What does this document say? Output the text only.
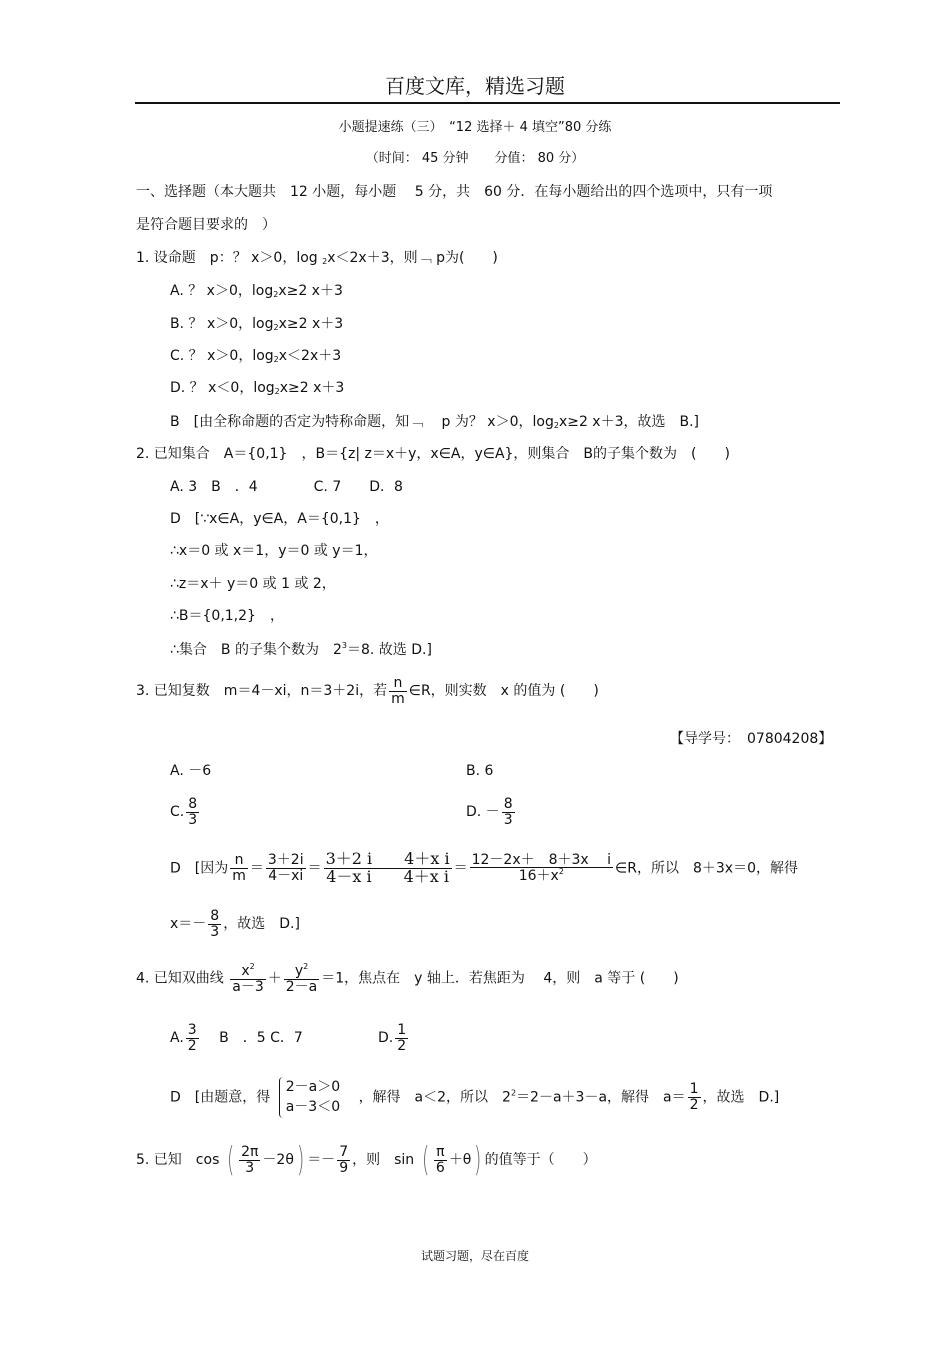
百度文库，精选习题
小题提速练（三）　“12 选择＋ 4 填空”80 分练
（时间： 45 分钟　　分值： 80 分）
一、选择题（本大题共　12 小题，每小题　 5 分，共　60 分．在每小题给出的四个选项中，只有一项
是符合题目要求的　）
1. 设命题　p：？ x＞0，log $_2$x＜2x＋3，则﹁ p为(　　)
A. ？ x＞0，$\log_2x\ge 2$ x＋3
B. ？ x＞0，$\log_2x\ge 2$ x＋3
C. ？ x＞0，$\log_2x<2x+3$
D. ？ x＜0，$\log_2x\ge 2$ x＋3
B　[由全称命题的否定为特称命题，知﹁　 p 为？ x＞0，$\log_2x\ge 2$ x＋3，故选　B.]
2. 已知集合　A＝{0,1}　，B＝{z| z＝x＋y，x∈A，y∈A}，则集合　B的子集个数为　(　　)
A. 3　B　．4　　　　C. 7　　D．8
D　[∵x∈A，y∈A，A＝{0,1}　，
∴x＝0 或 x＝1，y＝0 或 y＝1，
∴z＝x＋ y＝0 或 1 或 2，
∴B＝{0,1,2}　，
∴集合　B 的子集个数为　$2^3=8$. 故选 D.]
3. 已知复数　m＝4－xi，n＝3＋2i，若 $\frac{n}{m}$ ∈R，则实数　x 的值为 (　　)
【导学号：　07804208】
A. －6	B. 6
C. $\frac{8}{3}$	D. － $\frac{8}{3}$
D　[因为 $\frac{n}{m} = \frac{3+2i}{4-xi} = \frac{\text{3＋2 i　　4＋x i}}{\text{4－x i　　4＋x i}} = \frac{\text{12－2x＋　8＋3x　 i}}{16+x^2}$ ∈R，所以　8＋3x＝0，解得
$x=- \frac{8}{3}$ ，故选　D.]
4. 已知双曲线 $\frac{x^2}{a-3} + \frac{y^2}{2-a} =1$，焦点在　y 轴上．若焦距为　 4，则　a 等于 (　　)
A. $\frac{3}{2}$
　 B　．5 C．7	D. $\frac{1}{2}$
D　[由题意，得
2－a＞0
a－3＜0
　，解得　a＜2，所以　$2^2=2-a+3-a$，解得　$a= \frac{1}{2}$ ，故选　D.]
5. 已知　cos ( $\frac{2\pi}{3} -2\theta) =- \frac{7}{9}$ ，则　sin ( $\frac{\pi}{6} +\theta$) 的值等于（　　）
试题习题，尽在百度
